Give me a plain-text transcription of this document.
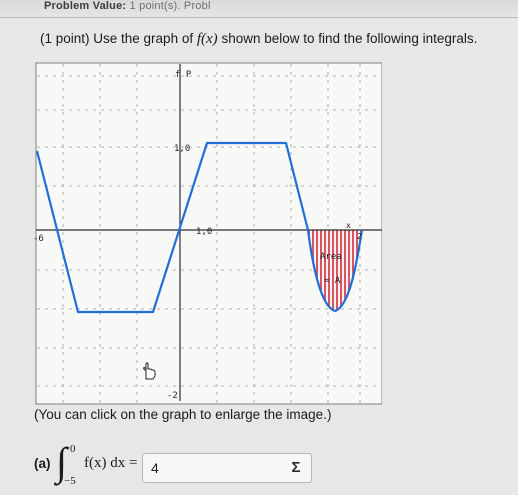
Problem Value: 1 point(s). Probl
(1 point) Use the graph of f(x) shown below to find the following integrals.
f P
1,0
-6
1,0
x
2
Area
= A
-2
(You can click on the graph to enlarge the image.)
(a) ∫ 0
−5
f(x) dx =
4	Σ
